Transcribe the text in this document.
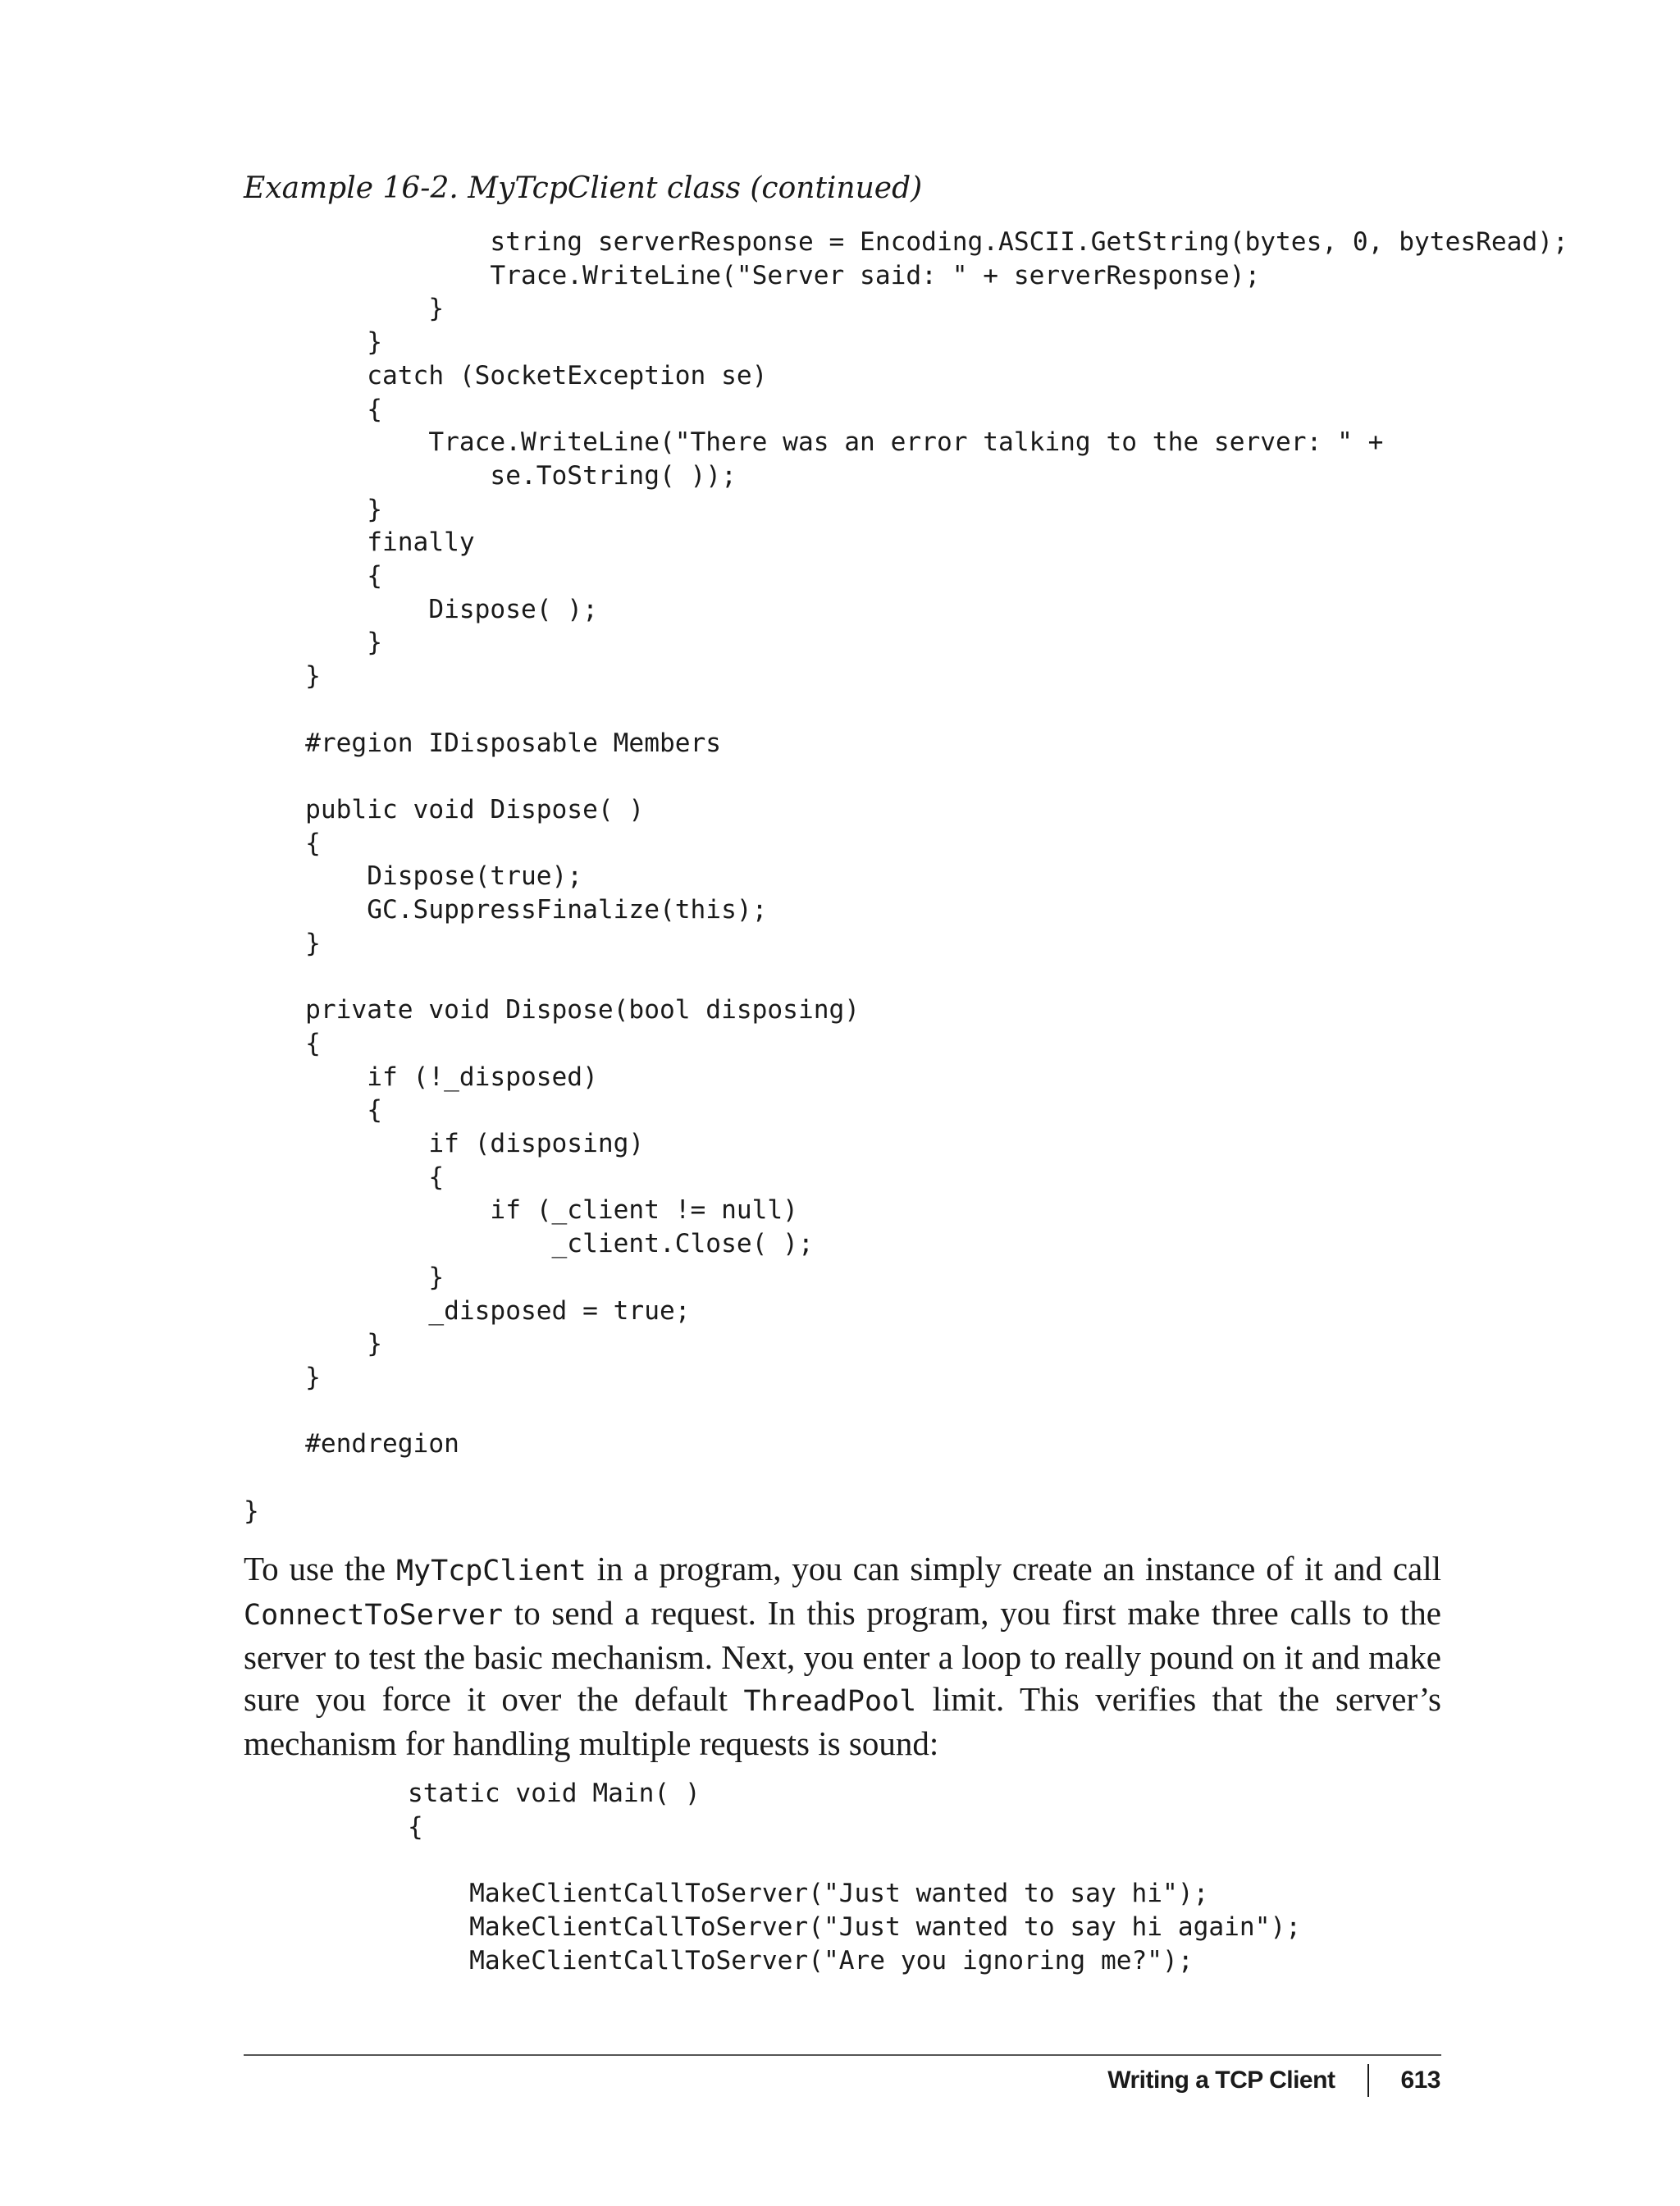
Example 16-2. MyTcpClient class (continued)
string serverResponse = Encoding.ASCII.GetString(bytes, 0, bytesRead);
Trace.WriteLine("Server said: " + serverResponse);
}
}
catch (SocketException se)
{
Trace.WriteLine("There was an error talking to the server: " +
se.ToString( ));
}
finally
{
Dispose( );
}
}

#region IDisposable Members

public void Dispose( )
{
Dispose(true);
GC.SuppressFinalize(this);
}

private void Dispose(bool disposing)
{
if (!_disposed)
{
if (disposing)
{
if (_client != null)
_client.Close( );
}
_disposed = true;
}
}

#endregion

}

To use the MyTcpClient in a program, you can simply create an instance of it and call ConnectToServer to send a request. In this program, you first make three calls to the server to test the basic mechanism. Next, you enter a loop to really pound on it and make sure you force it over the default ThreadPool limit. This verifies that the server’s mechanism for handling multiple requests is sound:

static void Main( )
{

MakeClientCallToServer("Just wanted to say hi");
MakeClientCallToServer("Just wanted to say hi again");
MakeClientCallToServer("Are you ignoring me?");
Writing a TCP Client	613
